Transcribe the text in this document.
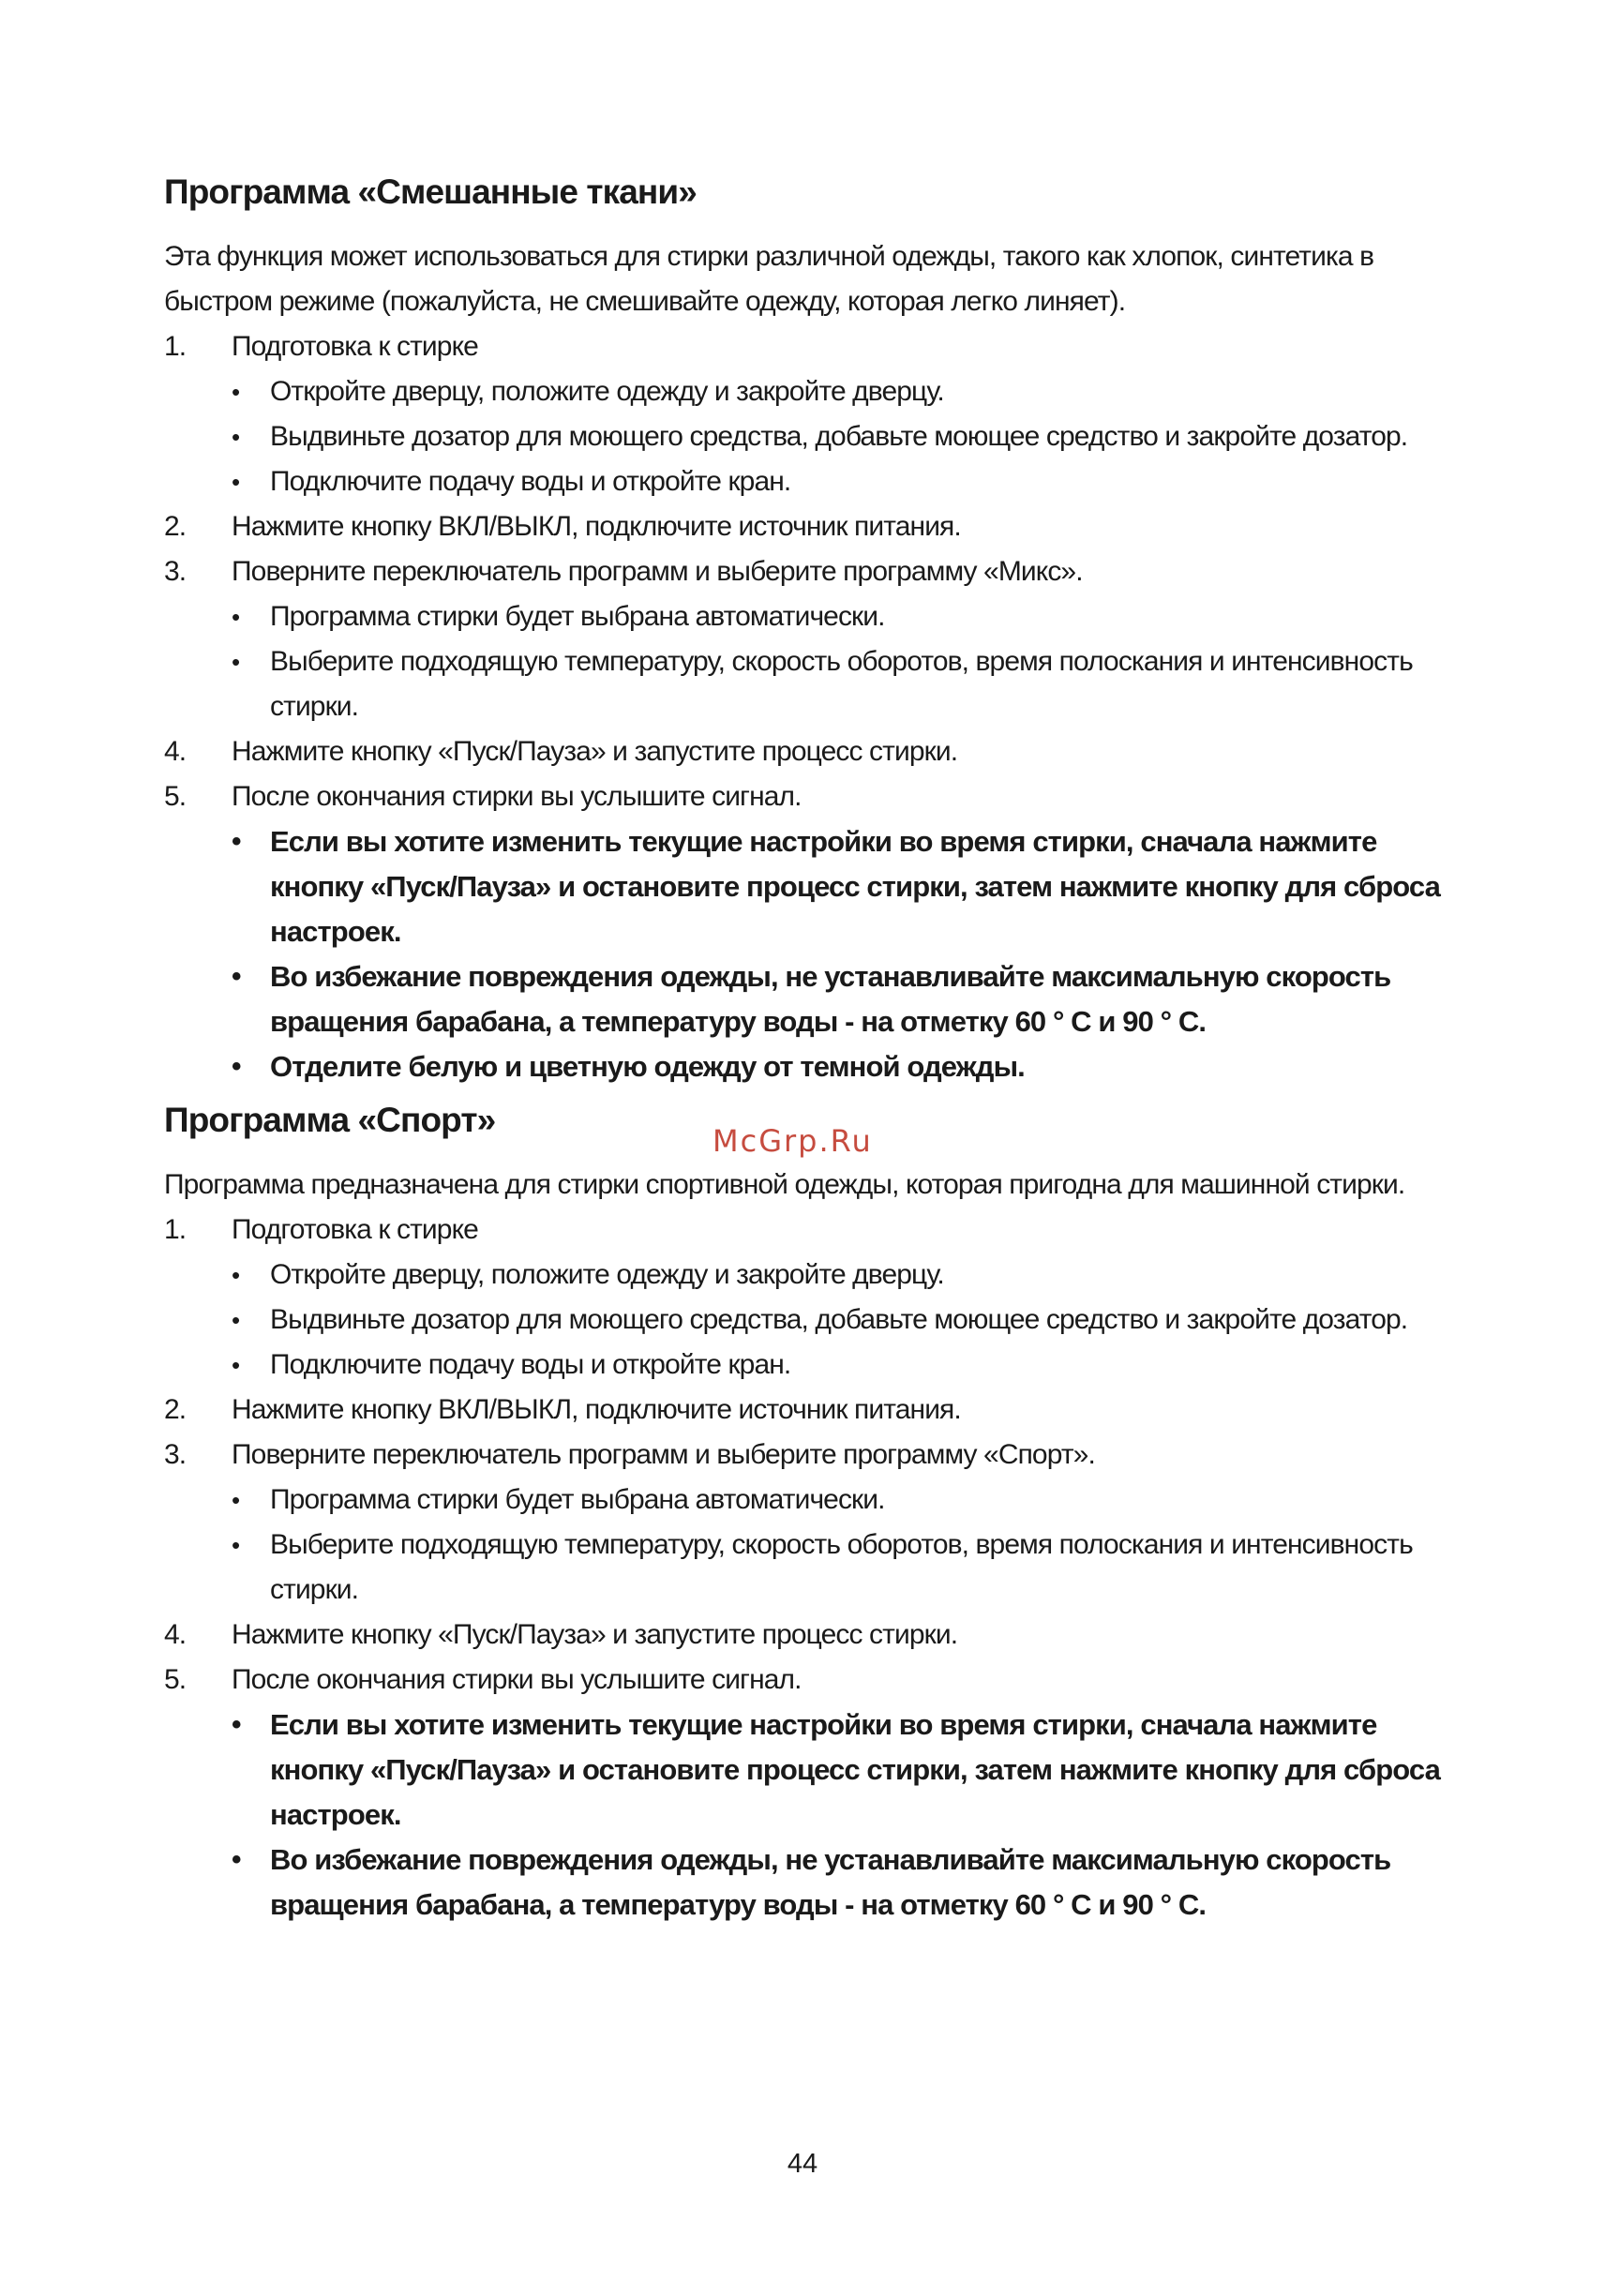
Программа «Смешанные ткани»

Эта функция может использоваться для стирки различной одежды, такого как хлопок, синтетика в быстром режиме (пожалуйста, не смешивайте одежду, которая легко линяет).

1. Подготовка к стирке
•	Откройте дверцу, положите одежду и закройте дверцу.
•	Выдвиньте дозатор для моющего средства, добавьте моющее средство и закройте дозатор.
•	Подключите подачу воды и откройте кран.
2. Нажмите кнопку ВКЛ/ВЫКЛ, подключите источник питания.
3. Поверните переключатель программ и выберите программу «Микс».
•	Программа стирки будет выбрана автоматически.
•	Выберите подходящую температуру, скорость оборотов, время полоскания и интенсивность стирки.
4. Нажмите кнопку «Пуск/Пауза» и запустите процесс стирки.
5. После окончания стирки вы услышите сигнал.
•	Если вы хотите изменить текущие настройки во время стирки, сначала нажмите кнопку «Пуск/Пауза» и остановите процесс стирки, затем нажмите кнопку для сброса настроек.
•	Во избежание повреждения одежды, не устанавливайте максимальную скорость вращения барабана, а температуру воды - на отметку 60 ° С и 90 ° С.
•	Отделите белую и цветную одежду от темной одежды.
Программа «Спорт»

Программа предназначена для стирки спортивной одежды, которая пригодна для машинной стирки.

1. Подготовка к стирке
•	Откройте дверцу, положите одежду и закройте дверцу.
•	Выдвиньте дозатор для моющего средства, добавьте моющее средство и закройте дозатор.
•	Подключите подачу воды и откройте кран.
2. Нажмите кнопку ВКЛ/ВЫКЛ, подключите источник питания.
3. Поверните переключатель программ и выберите программу «Спорт».
•	Программа стирки будет выбрана автоматически.
•	Выберите подходящую температуру, скорость оборотов, время полоскания и интенсивность стирки.
4. Нажмите кнопку «Пуск/Пауза» и запустите процесс стирки.
5. После окончания стирки вы услышите сигнал.
•	Если вы хотите изменить текущие настройки во время стирки, сначала нажмите кнопку «Пуск/Пауза» и остановите процесс стирки, затем нажмите кнопку для сброса настроек.
•	Во избежание повреждения одежды, не устанавливайте максимальную скорость вращения барабана, а температуру воды - на отметку 60 ° С и 90 ° С.
McGrp.Ru
44
